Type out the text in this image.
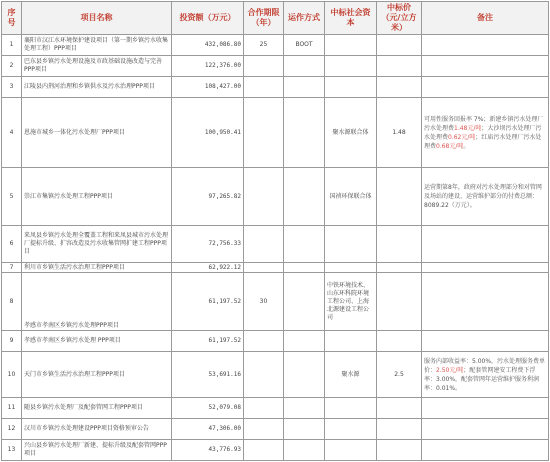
序号	项目名称	投资额（万元）	合作期限（年）	运作方式	中标社会资本	中标价（元/立方米）	备注
1	襄阳市汉江水环境保护建设项目（第一期乡镇污水收集处理工程）PPP项目	432,086.80	25	BOOT			
2	巴东县乡镇污水处理设施及市政基础设施改造与完善PPP项目	122,376.00					
3	江陵县内荆河治理和乡镇供水及污水治理PPP项目	108,427.00					
4	恩施市城乡一体化污水处理厂PPP项目	100,950.41			聚水源联合体	1.48	可用性服务回报率 7%；新建乡镇污水处理厂污水处理费1.48元/吨；大沙坝污水处理厂污水处理费0.62元/吨；红庙污水处理厂污水处理费0.68元/吨。
5	崇江市集镇污水处理工程PPP项目	97,265.82			国祯环保联合体		运营期第8年，政府对污水处理部分和对管网及场站的建设、运营维护部分的付费总额：8089.22（万元）。
6	来凤县乡镇污水处理全覆盖工程和来凤县城市污水处理厂提标升级、扩容改造及污水收集管网扩建工程PPP项目	72,756.33					
7	利川市乡镇生活污水治理工程PPP项目	62,922.12					
8	孝感市孝南区乡镇污水处理PPP项目	61,197.52	30		中铁环境技术、山东环科院环境工程公司、上海北源建设工程公司		
9	孝感市孝南区乡镇污水处理 PPP项目	61,197.52					
10	天门市乡镇生活污水治理工程PPP项目	53,691.16			聚水源	2.5	服务内部收益率：5.00%，污水处理服务费单价：2.50元/吨；配套管网建安工程费下浮率：3.00%，配套管网年运营维护服务利润率：0.01%。
11	随县乡镇污水处理厂及配套管网工程PPP项目	52,079.08					
12	汉川市乡镇污水处理建设PPP项目资格预审公告	47,306.00					
13	兴山县乡镇污水处理厂新建、提标升级及配套管网PPP项目	43,776.93					
